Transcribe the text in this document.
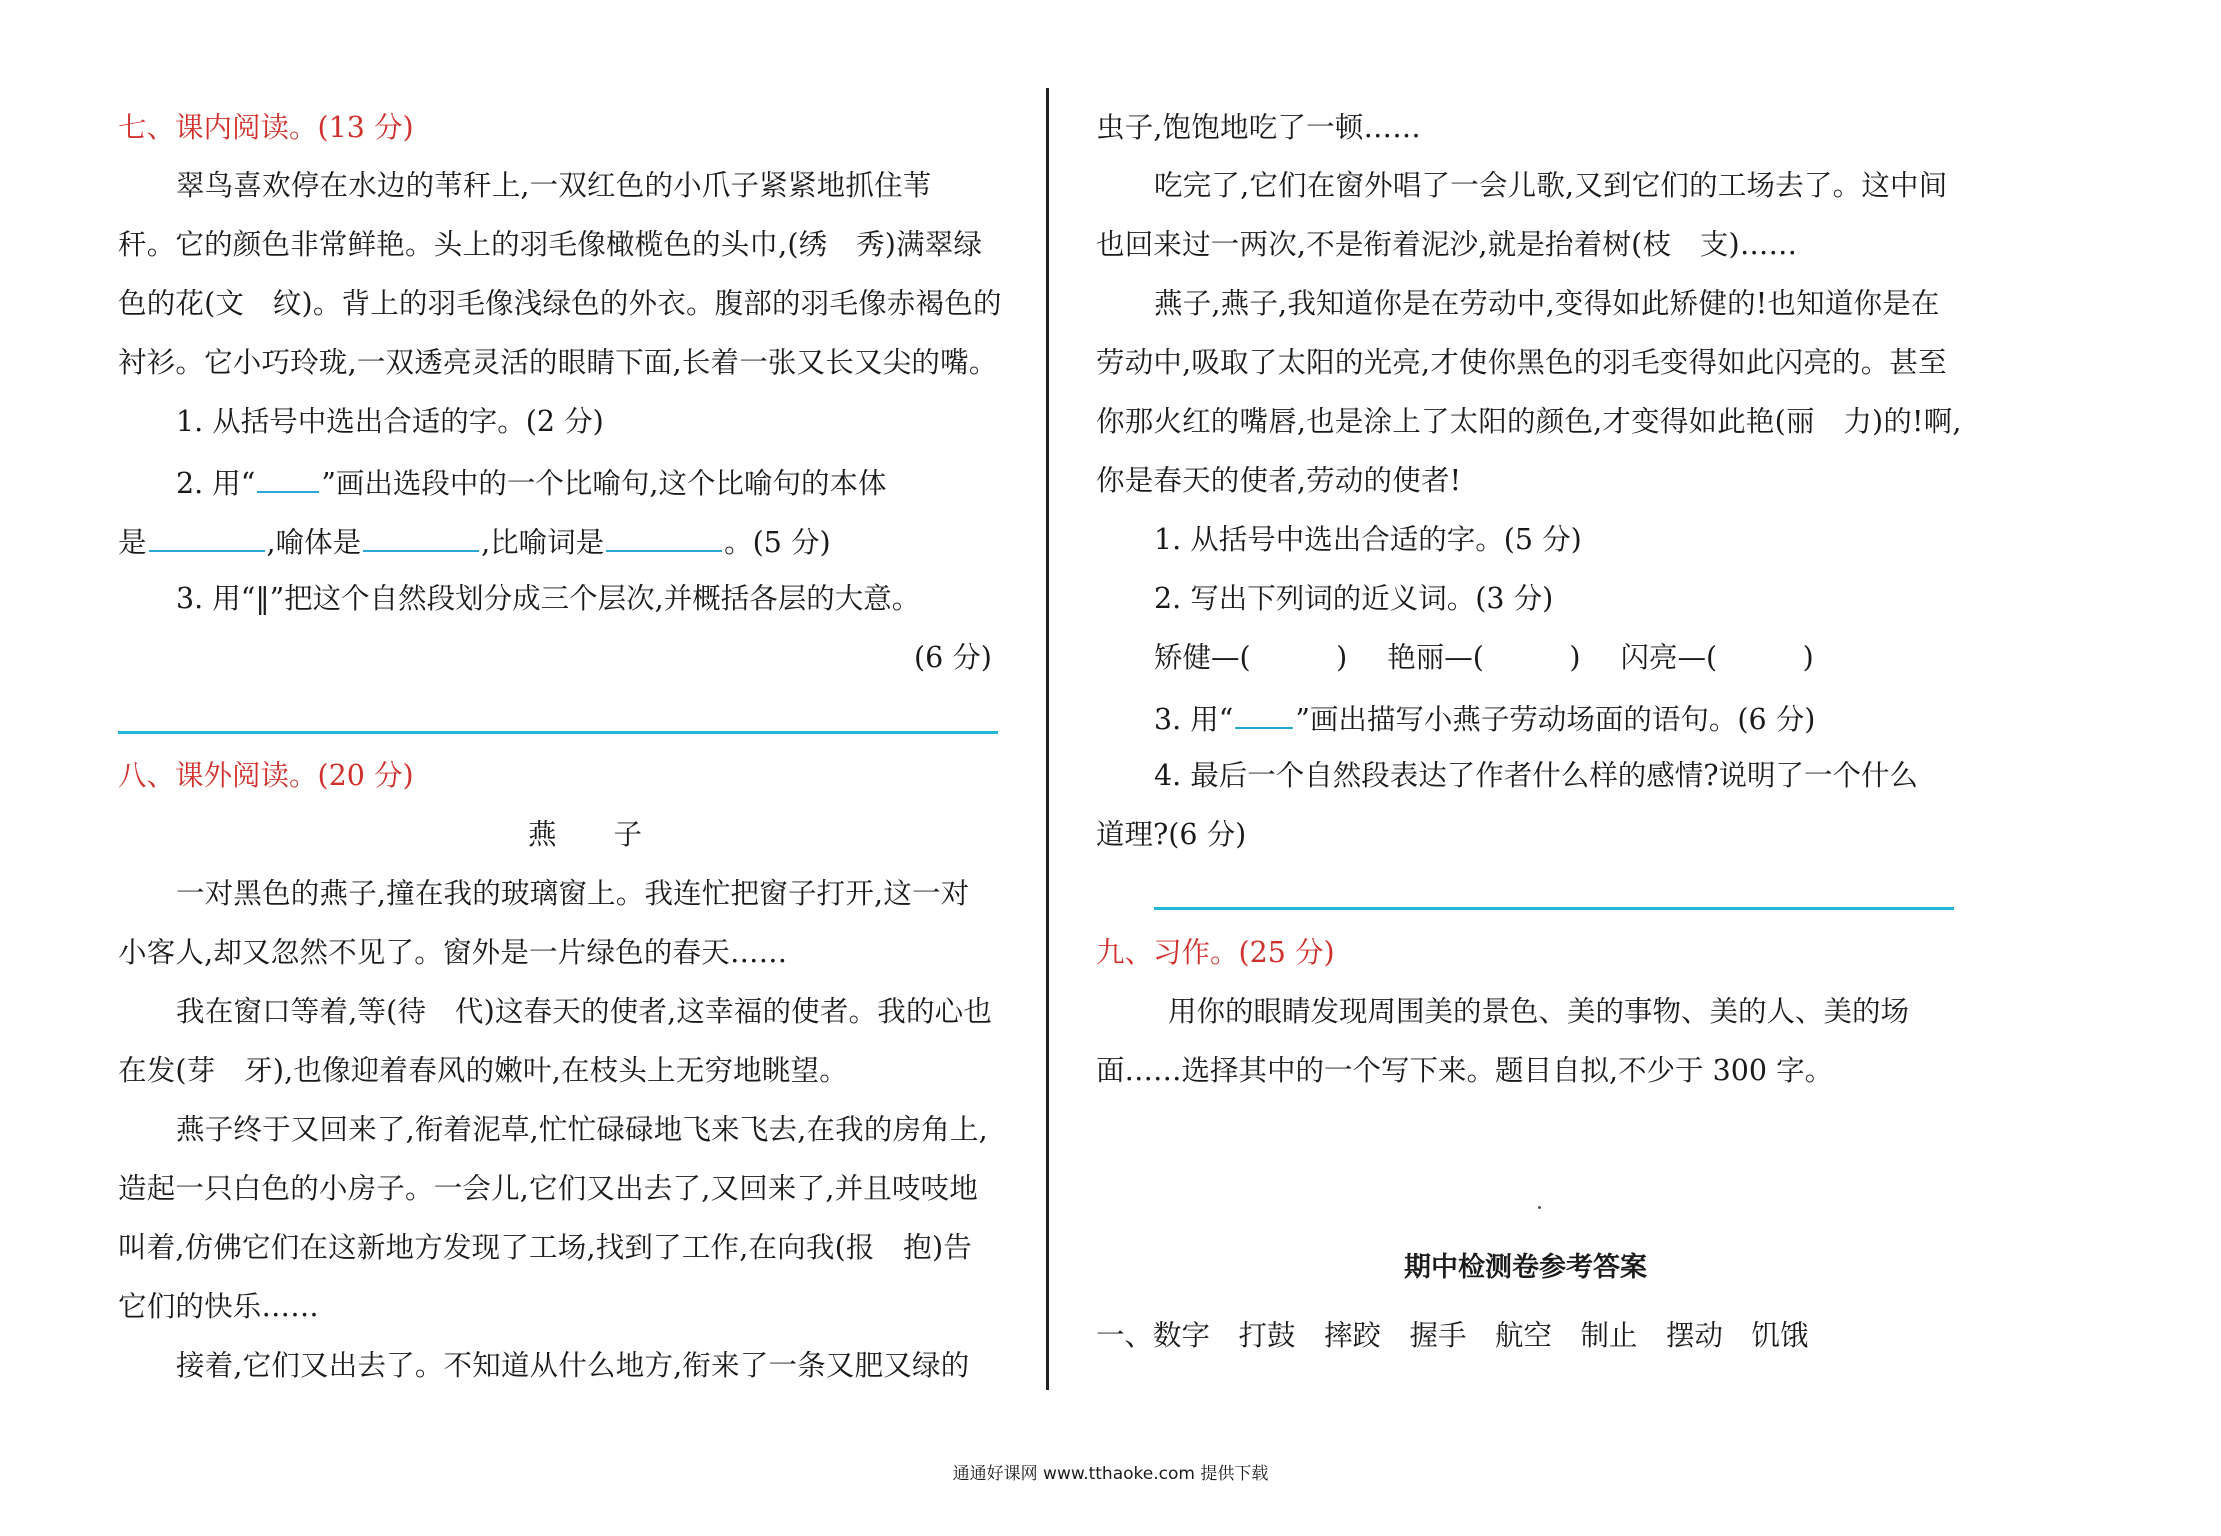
七、课内阅读。(13 分)
翠鸟喜欢停在水边的苇秆上,一双红色的小爪子紧紧地抓住苇
秆。它的颜色非常鲜艳。头上的羽毛像橄榄色的头巾,(绣　秀)满翠绿
色的花(文　纹)。背上的羽毛像浅绿色的外衣。腹部的羽毛像赤褐色的
衬衫。它小巧玲珑,一双透亮灵活的眼睛下面,长着一张又长又尖的嘴。
1. 从括号中选出合适的字。(2 分)
2. 用“ ”画出选段中的一个比喻句,这个比喻句的本体
是	,喻体是	,比喻词是	。(5 分)
3. 用“‖”把这个自然段划分成三个层次,并概括各层的大意。
(6 分)
八、课外阅读。(20 分)
燕　　子
一对黑色的燕子,撞在我的玻璃窗上。我连忙把窗子打开,这一对
小客人,却又忽然不见了。窗外是一片绿色的春天……
我在窗口等着,等(待　代)这春天的使者,这幸福的使者。我的心也
在发(芽　牙),也像迎着春风的嫩叶,在枝头上无穷地眺望。
燕子终于又回来了,衔着泥草,忙忙碌碌地飞来飞去,在我的房角上,
造起一只白色的小房子。一会儿,它们又出去了,又回来了,并且吱吱地
叫着,仿佛它们在这新地方发现了工场,找到了工作,在向我(报　抱)告
它们的快乐……
接着,它们又出去了。不知道从什么地方,衔来了一条又肥又绿的
虫子,饱饱地吃了一顿……
吃完了,它们在窗外唱了一会儿歌,又到它们的工场去了。这中间
也回来过一两次,不是衔着泥沙,就是抬着树(枝　支)……
燕子,燕子,我知道你是在劳动中,变得如此矫健的!也知道你是在
劳动中,吸取了太阳的光亮,才使你黑色的羽毛变得如此闪亮的。甚至
你那火红的嘴唇,也是涂上了太阳的颜色,才变得如此艳(丽　力)的!啊,
你是春天的使者,劳动的使者!
1. 从括号中选出合适的字。(5 分)
2. 写出下列词的近义词。(3 分)
矫健—(　　　) 艳丽—(　　　) 闪亮—(　　　)
3. 用“ ”画出描写小燕子劳动场面的语句。(6 分)
4. 最后一个自然段表达了作者什么样的感情?说明了一个什么
道理?(6 分)
九、习作。(25 分)
用你的眼睛发现周围美的景色、美的事物、美的人、美的场
面……选择其中的一个写下来。题目自拟,不少于 300 字。
期中检测卷参考答案
一、数字　打鼓　摔跤　握手　航空　制止　摆动　饥饿
通通好课网 www.tthaoke.com 提供下载
